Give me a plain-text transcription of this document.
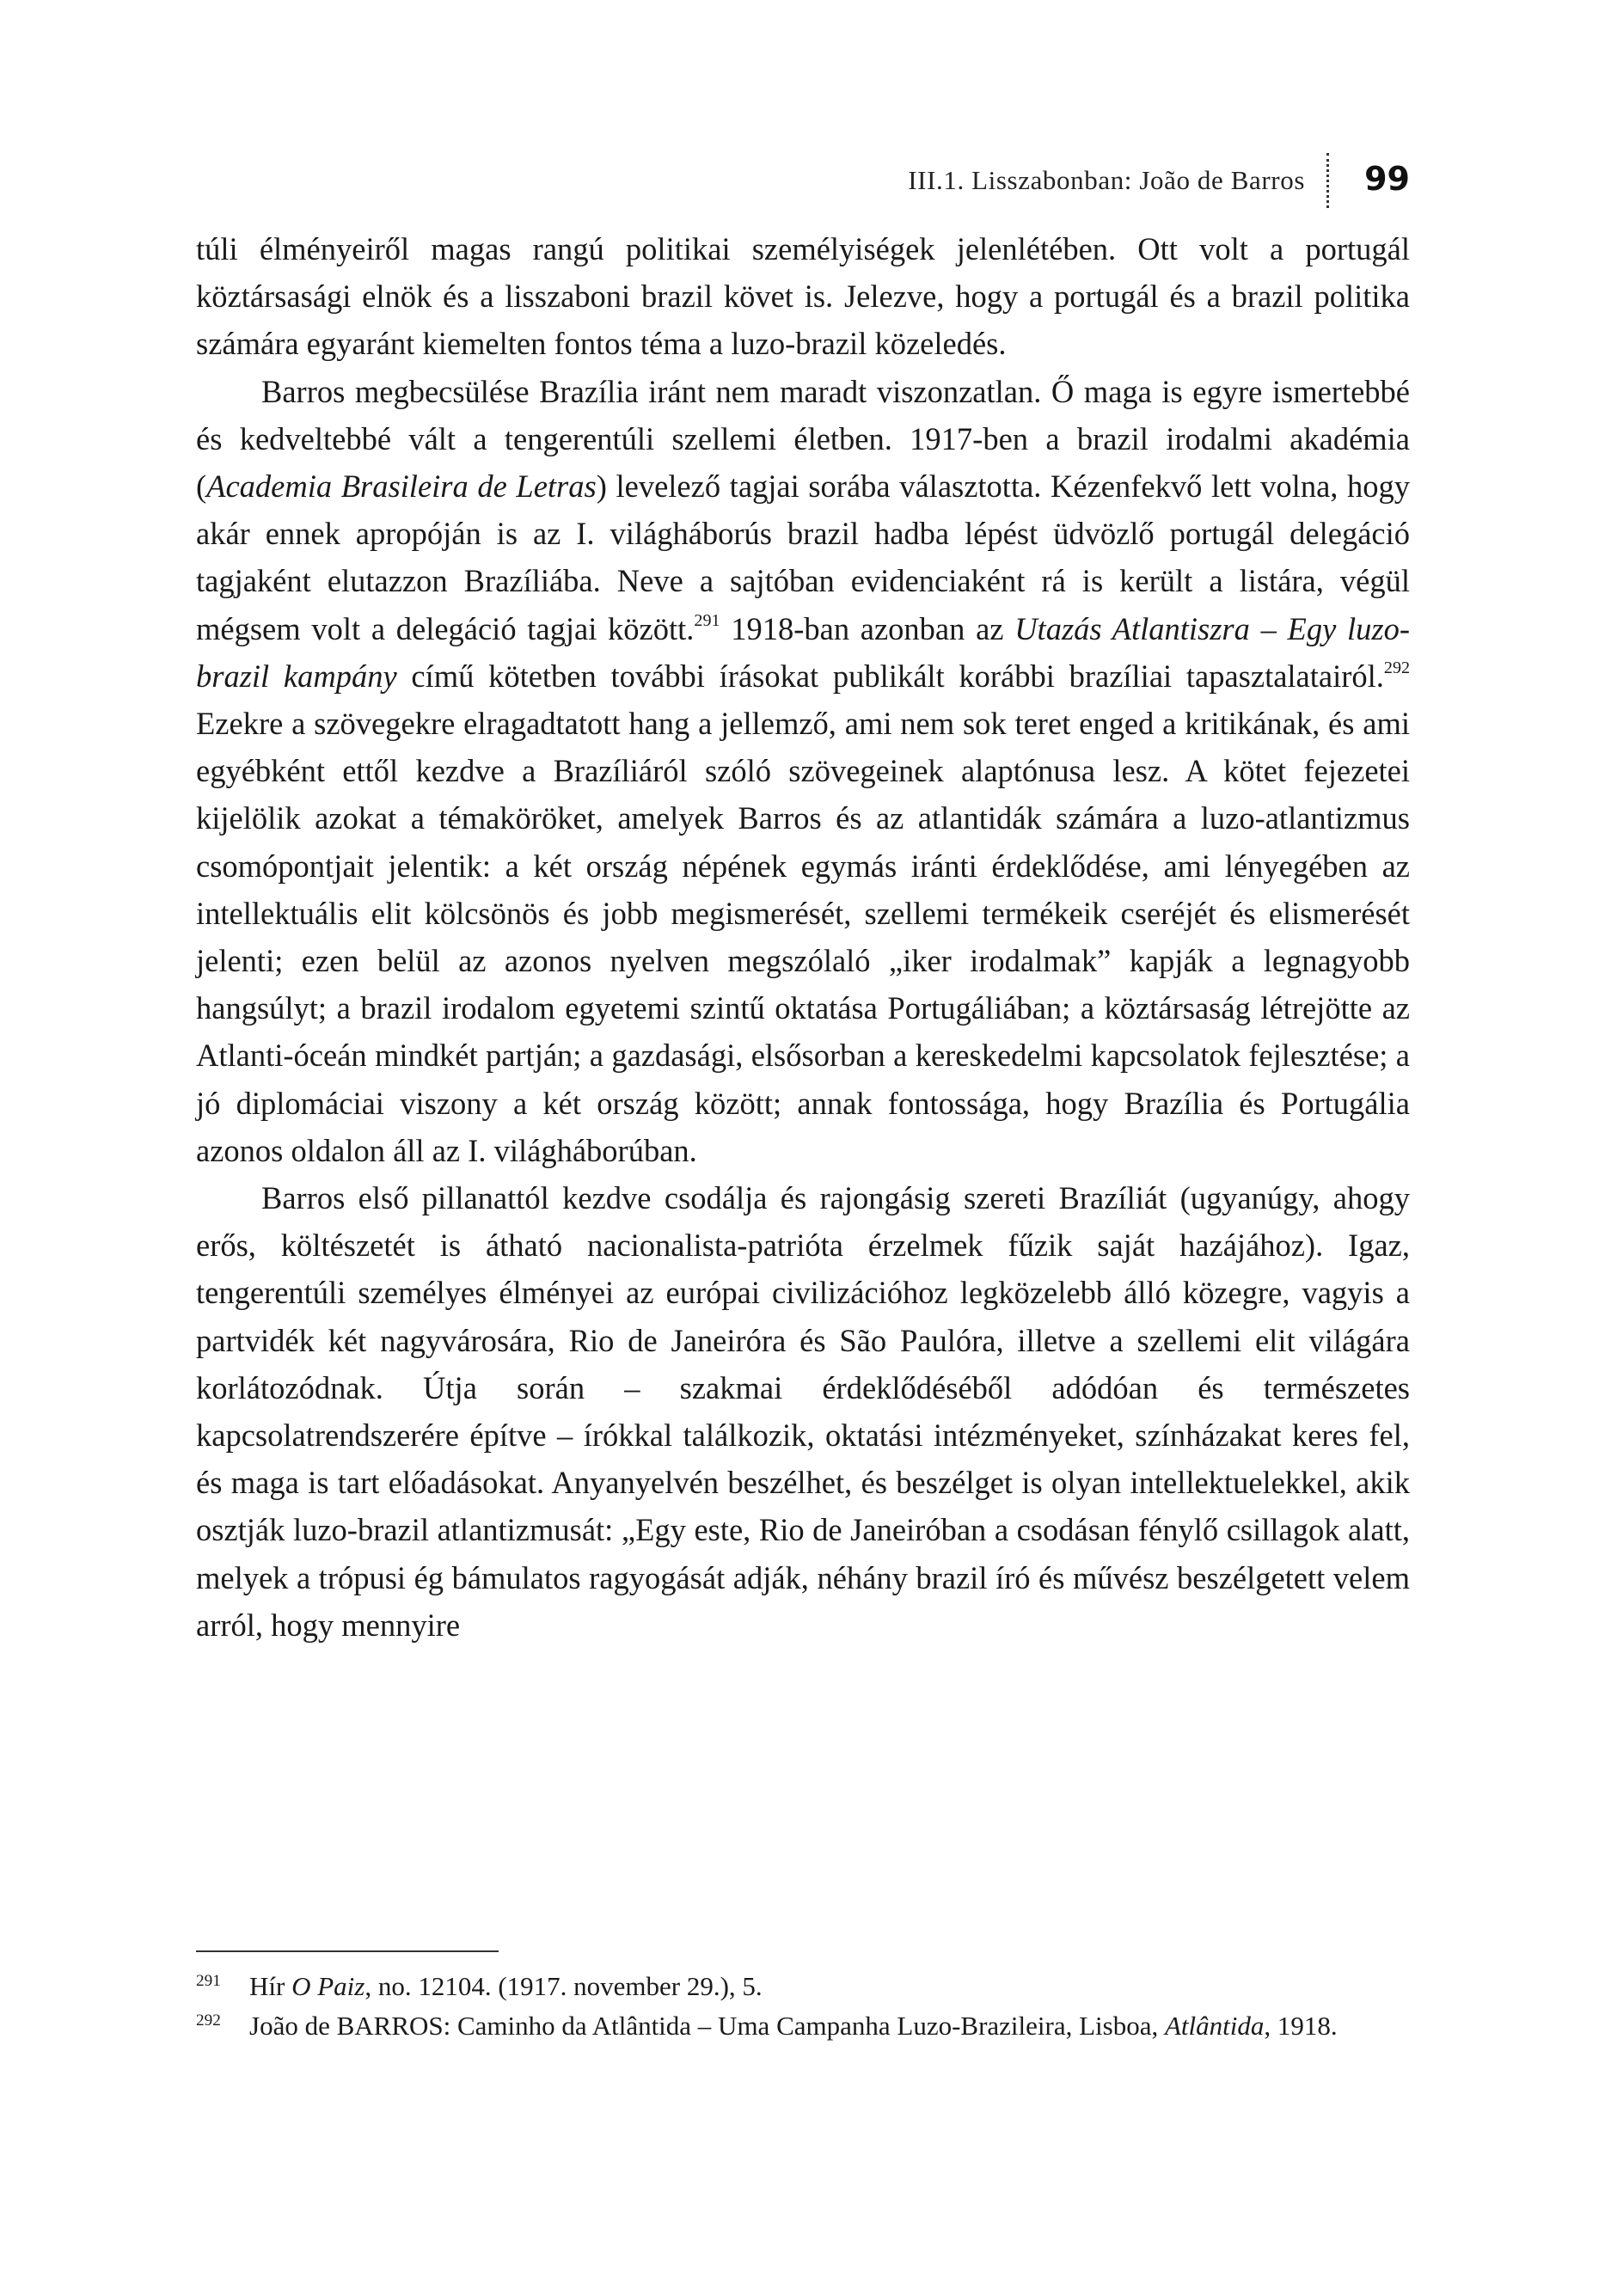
III.1. Lisszabonban: João de Barros 99

túli élményeiről magas rangú politikai személyiségek jelenlétében. Ott volt a portugál köztársasági elnök és a lisszaboni brazil követ is. Jelezve, hogy a portugál és a brazil politika számára egyaránt kiemelten fontos téma a luzo-brazil közeledés.

Barros megbecsülése Brazília iránt nem maradt viszonzatlan. Ő maga is egyre ismertebbé és kedveltebbé vált a tengerentúli szellemi életben. 1917-ben a brazil irodalmi akadémia (Academia Brasileira de Letras) levelező tagjai sorába választotta. Kézenfekvő lett volna, hogy akár ennek apropóján is az I. világháborús brazil hadba lépést üdvözlő portugál delegáció tagjaként elutazzon Brazíliába. Neve a sajtóban evidenciaként rá is került a listára, végül mégsem volt a delegáció tagjai között.$^{291}$ 1918-ban azonban az Utazás Atlantiszra – Egy luzo-brazil kampány című kötetben további írásokat publikált korábbi brazíliai tapasztalatairól.$^{292}$ Ezekre a szövegekre elragadtatott hang a jellemző, ami nem sok teret enged a kritikának, és ami egyébként ettől kezdve a Brazíliáról szóló szövegeinek alaptónusa lesz. A kötet fejezetei kijelölik azokat a témaköröket, amelyek Barros és az atlantidák számára a luzo-atlantizmus csomópontjait jelentik: a két ország népének egymás iránti érdeklődése, ami lényegében az intellektuális elit kölcsönös és jobb megismerését, szellemi termékeik cseréjét és elismerését jelenti; ezen belül az azonos nyelven megszólaló „iker irodalmak” kapják a legnagyobb hangsúlyt; a brazil irodalom egyetemi szintű oktatása Portugáliában; a köztársaság létrejötte az Atlanti-óceán mindkét partján; a gazdasági, elsősorban a kereskedelmi kapcsolatok fejlesztése; a jó diplomáciai viszony a két ország között; annak fontossága, hogy Brazília és Portugália azonos oldalon áll az I. világháborúban.

Barros első pillanattól kezdve csodálja és rajongásig szereti Brazíliát (ugyanúgy, ahogy erős, költészetét is átható nacionalista-patrióta érzelmek fűzik saját hazájához). Igaz, tengerentúli személyes élményei az európai civilizációhoz legközelebb álló közegre, vagyis a partvidék két nagyvárosára, Rio de Janeiróra és São Paulóra, illetve a szellemi elit világára korlátozódnak. Útja során – szakmai érdeklődéséből adódóan és természetes kapcsolatrendszerére építve – írókkal találkozik, oktatási intézményeket, színházakat keres fel, és maga is tart előadásokat. Anyanyelvén beszélhet, és beszélget is olyan intellektuelekkel, akik osztják luzo-brazil atlantizmusát: „Egy este, Rio de Janeiróban a csodásan fénylő csillagok alatt, melyek a trópusi ég bámulatos ragyogását adják, néhány brazil író és művész beszélgetett velem arról, hogy mennyire

291 Hír O Paiz, no. 12104. (1917. november 29.), 5.

292 João de BARROS: Caminho da Atlântida – Uma Campanha Luzo-Brazileira, Lisboa, Atlântida, 1918.
